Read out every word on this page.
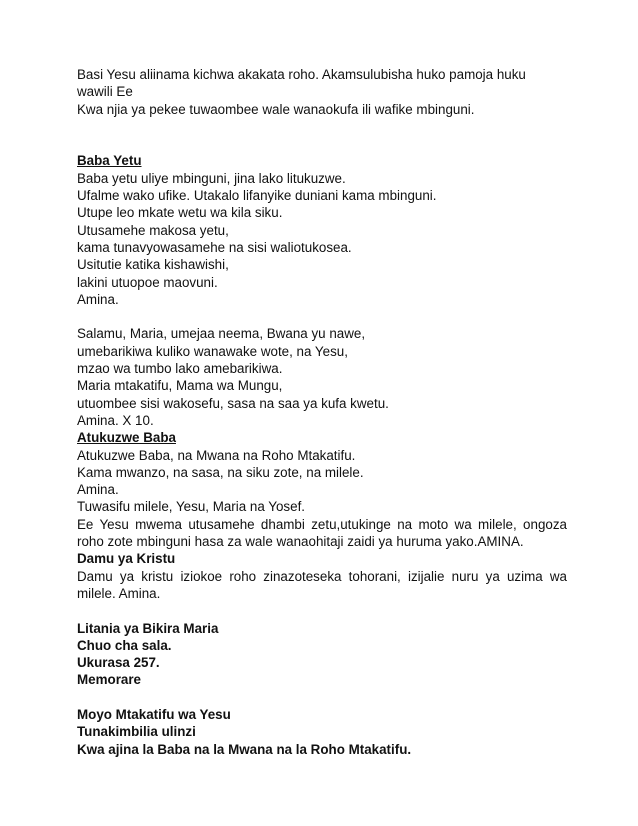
Basi Yesu aliinama kichwa akakata roho. Akamsulubisha huko pamoja huku
wawili Ee
Kwa njia ya pekee tuwaombee wale wanaokufa ili wafike mbinguni.
Baba Yetu
Baba yetu uliye mbinguni, jina lako litukuzwe.
Ufalme wako ufike. Utakalo lifanyike duniani kama mbinguni.
Utupe leo mkate wetu wa kila siku.
Utusamehe makosa yetu,
kama tunavyowasamehe na sisi waliotukosea.
Usitutie katika kishawishi,
lakini utuopoe maovuni.
Amina.
Salamu, Maria, umejaa neema, Bwana yu nawe,
umebarikiwa kuliko wanawake wote, na Yesu,
mzao wa tumbo lako amebarikiwa.
Maria mtakatifu, Mama wa Mungu,
utuombee sisi wakosefu, sasa na saa ya kufa kwetu.
Amina. X 10.
Atukuzwe Baba
Atukuzwe Baba, na Mwana na Roho Mtakatifu.
Kama mwanzo, na sasa, na siku zote, na milele.
Amina.
Tuwasifu milele, Yesu, Maria na Yosef.
Ee Yesu mwema utusamehe dhambi zetu,utukinge na moto wa milele, ongoza roho zote mbinguni hasa za wale wanaohitaji zaidi ya huruma yako.AMINA.
Damu ya Kristu
Damu ya kristu iziokoe roho zinazoteseka tohorani, izijalie nuru ya uzima wa milele. Amina.
Litania ya Bikira Maria
Chuo cha sala.
Ukurasa 257.
Memorare
Moyo Mtakatifu wa Yesu
Tunakimbilia ulinzi
Kwa ajina la Baba na la Mwana na la Roho Mtakatifu.
